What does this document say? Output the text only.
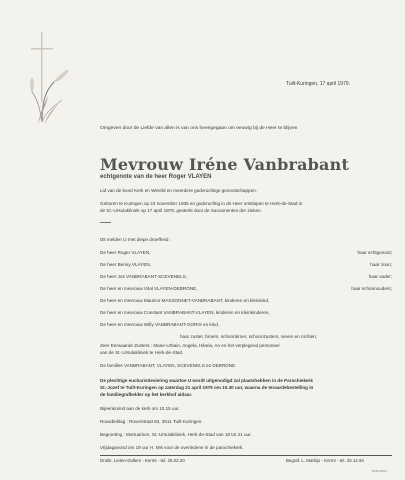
Tuilt-Kuringen, 17 april 1979.
Omgeven door de Liefde van allen is van ons heengegaan om eeuwig bij de Heer te blijven
Mevrouw Iréne Vanbrabant
echtgenote van de heer Roger VLAYEN
Lid van de bond Kerk en Wereld en meerdere godvruchtige genootschappen.
Geboren te Kuringen op 24 november 1935 en godvruchtig in de Heer ontslapen te Herk-de-Stad in
de St.-Ursulakliniek op 17 april 1979, gesterkt door de Sacramenten der zieken.
Dit melden U met diepe droefheid :
De heer Roger VLAYEN,	haar echtgenoot;
De heer Benny VLAYEN,	haar zoon;
De heer Jos VANBRABANT-SCEVENELS,	haar vader;
De heer en mevrouw Vital VLAYEN-DEBRONE,	haar schoonouders;
De heer en mevrouw Maurice MASSONNET-VANBRABANT, kinderen en kleinkind,
De heer en mevrouw Constant VANBRABANT-VLAYEN, kinderen en kleinkinderen,
De heer en mevrouw Willy VANBRABANT-GORIS en kind,
haar zuster, broers, schoonbroer, schoonzusters, neven en nichten;
Zeer Eerwaarde Zusters : Marie-Urbain, Angela, Hilaria, An en het verplegend personeel
van de St.-Ursulakliniek te Herk-de-Stad.
De families VANBRABANT, VLAYEN, SCEVENELS en DEBRONE.
De plechtige eucharistieviering waartoe U wordt uitgenodigd zal plaatshebben in de Parochiekerk
St.-Jozef te Tuilt-Kuringen op zaterdag 21 april 1979 om 10.30 uur, waarna de teraardebestelling in
de familiegrafkelder op het kerkhof aldaar.
Bijeenkomst aan de kerk om 10.15 uur.
Rouwbeklag : Roverstraat 83, 3511 Tuilt-Kuringen.
Begroeting : Mortuarium, St.-Ursulakliniek, Herk-de-Stad van 19 tot 21 uur.
Vrijdagavond om 19 uur H. Mis voor de overledene in de parochiekerk.
Drukk. Lieten-Dullers - Kermt - tel. 25.02.20	Begraf. L. Mathijs - Kermt - tel. 25.14.94
BURGBMC
